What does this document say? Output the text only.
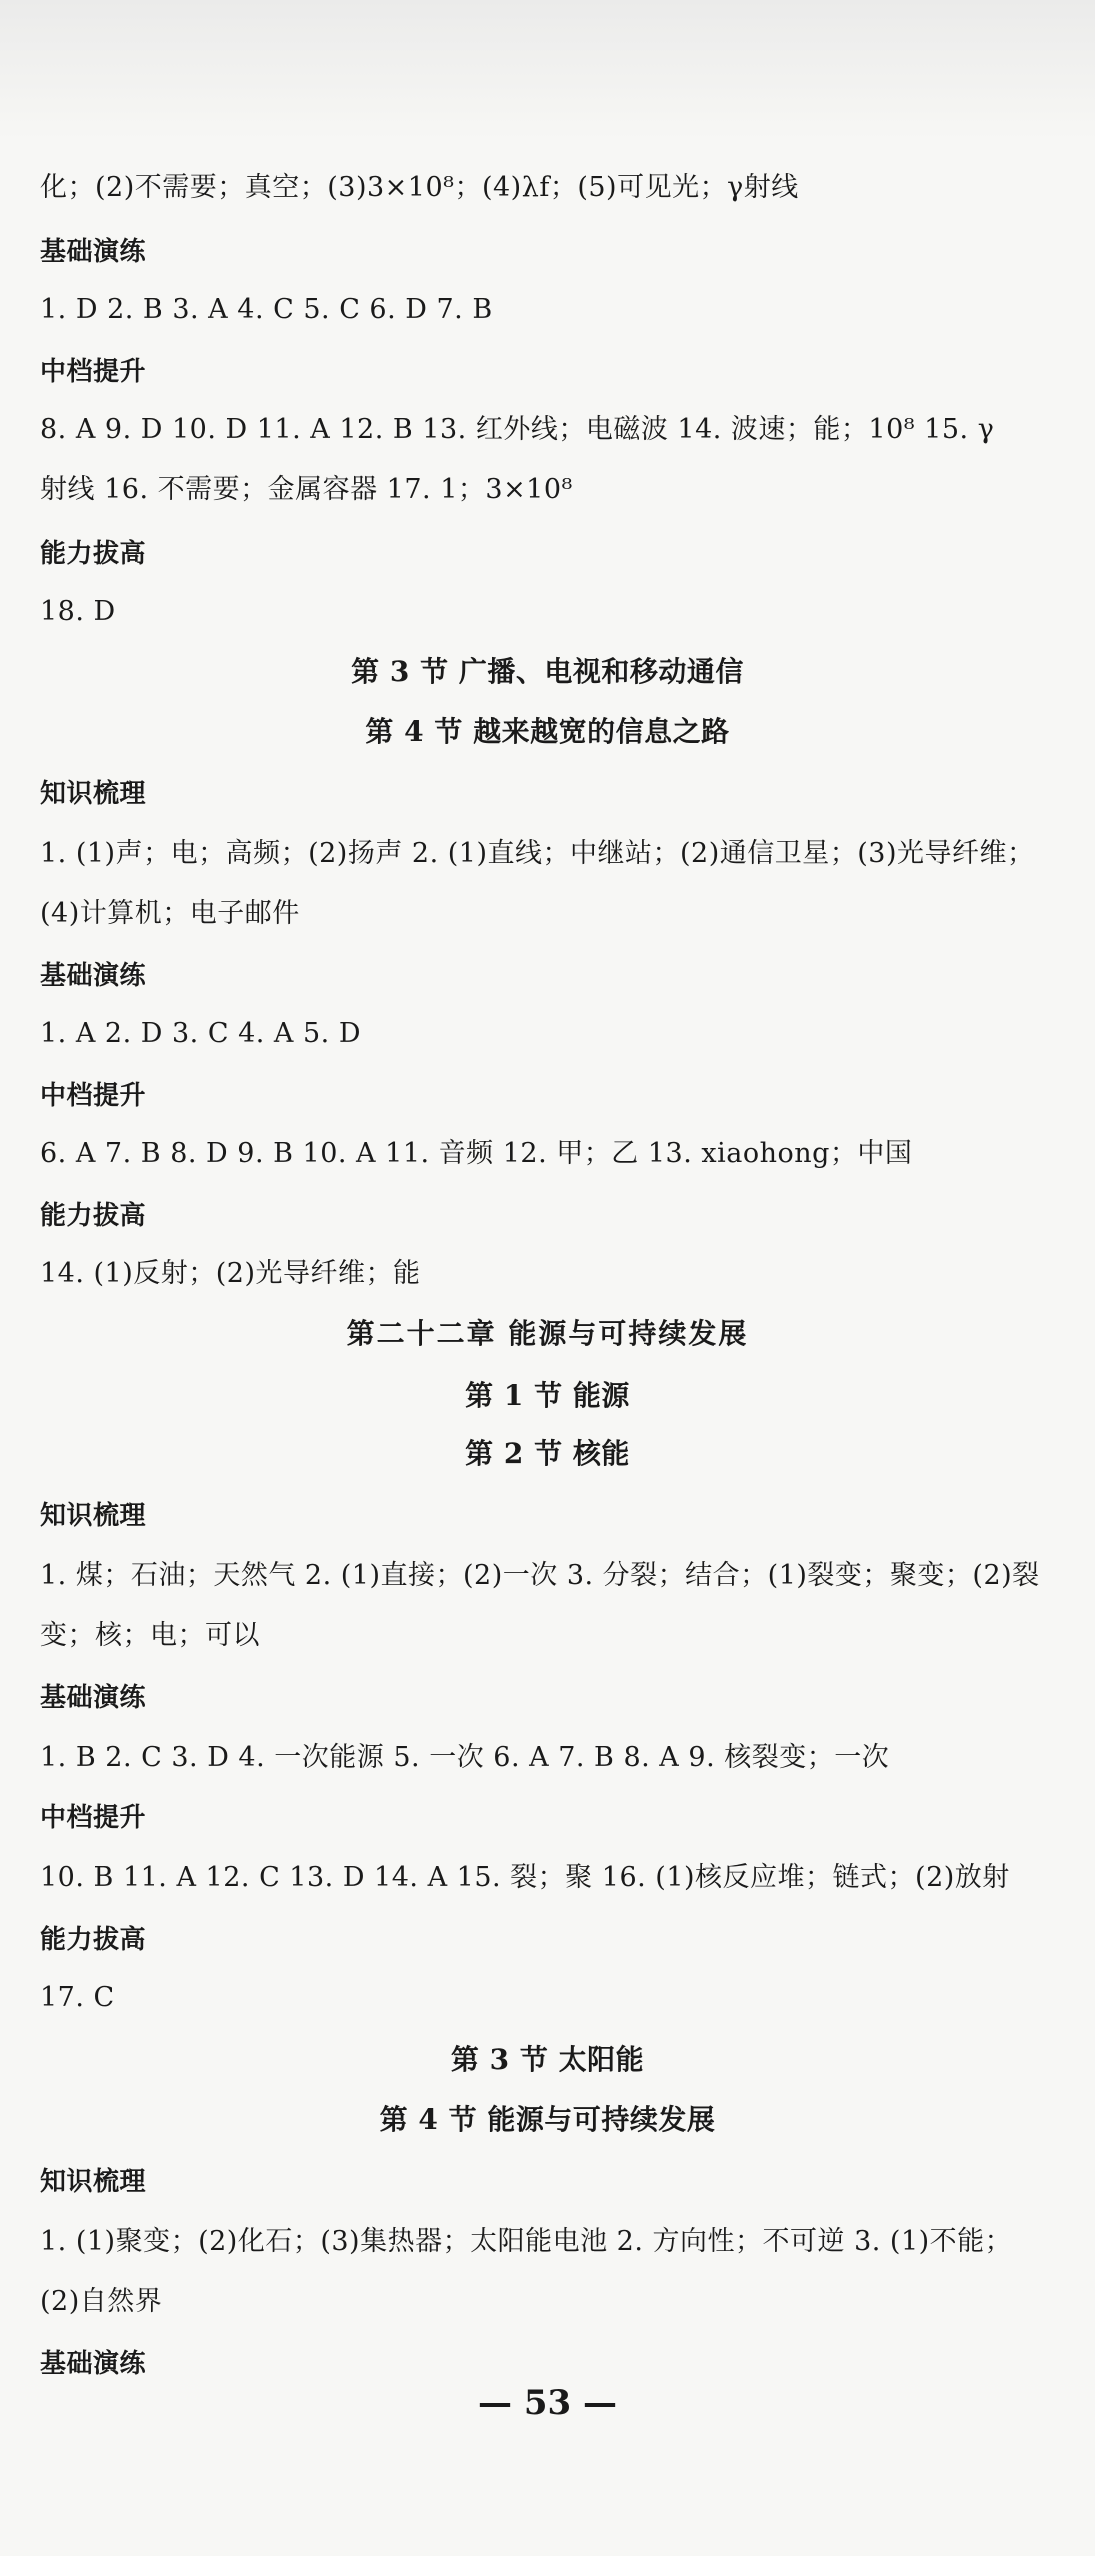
化；(2)不需要；真空；(3)3×10⁸；(4)λf；(5)可见光；γ射线
基础演练
1. D 2. B 3. A 4. C 5. C 6. D 7. B
中档提升
8. A 9. D 10. D 11. A 12. B 13. 红外线；电磁波 14. 波速；能；10⁸ 15. γ
射线 16. 不需要；金属容器 17. 1；3×10⁸
能力拔高
18. D
第 3 节 广播、电视和移动通信
第 4 节 越来越宽的信息之路
知识梳理
1. (1)声；电；高频；(2)扬声 2. (1)直线；中继站；(2)通信卫星；(3)光导纤维；
(4)计算机；电子邮件
基础演练
1. A 2. D 3. C 4. A 5. D
中档提升
6. A 7. B 8. D 9. B 10. A 11. 音频 12. 甲；乙 13. xiaohong；中国
能力拔高
14. (1)反射；(2)光导纤维；能
第二十二章 能源与可持续发展
第 1 节 能源
第 2 节 核能
知识梳理
1. 煤；石油；天然气 2. (1)直接；(2)一次 3. 分裂；结合；(1)裂变；聚变；(2)裂
变；核；电；可以
基础演练
1. B 2. C 3. D 4. 一次能源 5. 一次 6. A 7. B 8. A 9. 核裂变；一次
中档提升
10. B 11. A 12. C 13. D 14. A 15. 裂；聚 16. (1)核反应堆；链式；(2)放射
能力拔高
17. C
第 3 节 太阳能
第 4 节 能源与可持续发展
知识梳理
1. (1)聚变；(2)化石；(3)集热器；太阳能电池 2. 方向性；不可逆 3. (1)不能；
(2)自然界
基础演练
— 53 —
